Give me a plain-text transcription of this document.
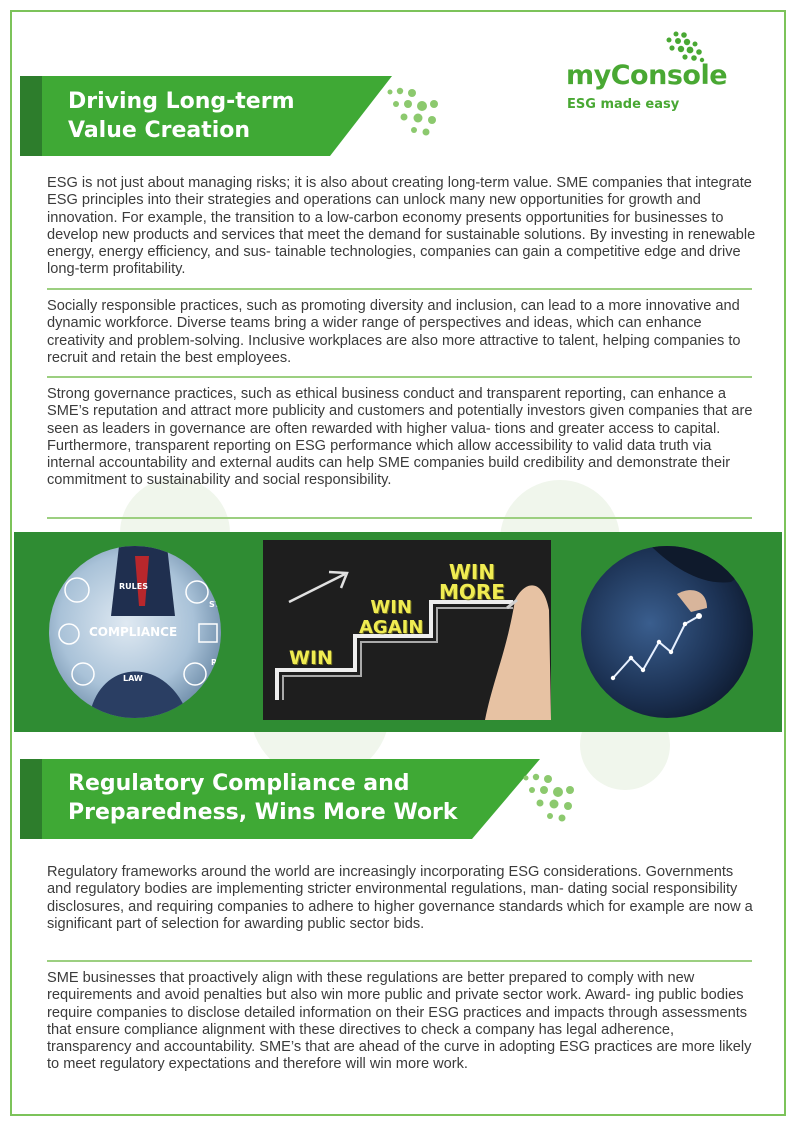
myConsole
ESG made easy
Driving Long-term
Value Creation

ESG is not just about managing risks; it is also about creating long-term value. SME companies that integrate ESG principles into their strategies and operations can unlock many new opportunities for growth and innovation. For example, the transition to a low-carbon economy presents opportunities for businesses to develop new products and services that meet the demand for sustainable solutions. By investing in renewable energy, energy efficiency, and sus- tainable technologies, companies can gain a competitive edge and drive long-term profitability.

Socially responsible practices, such as promoting diversity and inclusion, can lead to a more innovative and dynamic workforce. Diverse teams bring a wider range of perspectives and ideas, which can enhance creativity and problem-solving. Inclusive workplaces are also more attractive to talent, helping companies to recruit and retain the best employees.

Strong governance practices, such as ethical business conduct and transparent reporting, can enhance a SME’s reputation and attract more publicity and customers and potentially investors given companies that are seen as leaders in governance are often rewarded with higher valua- tions and greater access to capital. Furthermore, transparent reporting on ESG performance which allow accessibility to valid data truth via internal accountability and external audits can help SME companies build credibility and demonstrate their commitment to sustainability and social responsibility.

COMPLIANCE
RULES
LAW
ST
R	WIN
WIN
AGAIN
WIN
MORE
Regulatory Compliance and
Preparedness, Wins More Work

Regulatory frameworks around the world are increasingly incorporating ESG considerations. Governments and regulatory bodies are implementing stricter environmental regulations, man- dating social responsibility disclosures, and requiring companies to adhere to higher governance standards which for example are now a significant part of selection for awarding public sector bids.

SME businesses that proactively align with these regulations are better prepared to comply with new requirements and avoid penalties but also win more public and private sector work. Award- ing public bodies require companies to disclose detailed information on their ESG practices and impacts through assessments that ensure compliance alignment with these directives to check a company has legal adherence, transparency and accountability. SME’s that are ahead of the curve in adopting ESG practices are more likely to meet regulatory expectations and therefore will win more work.
